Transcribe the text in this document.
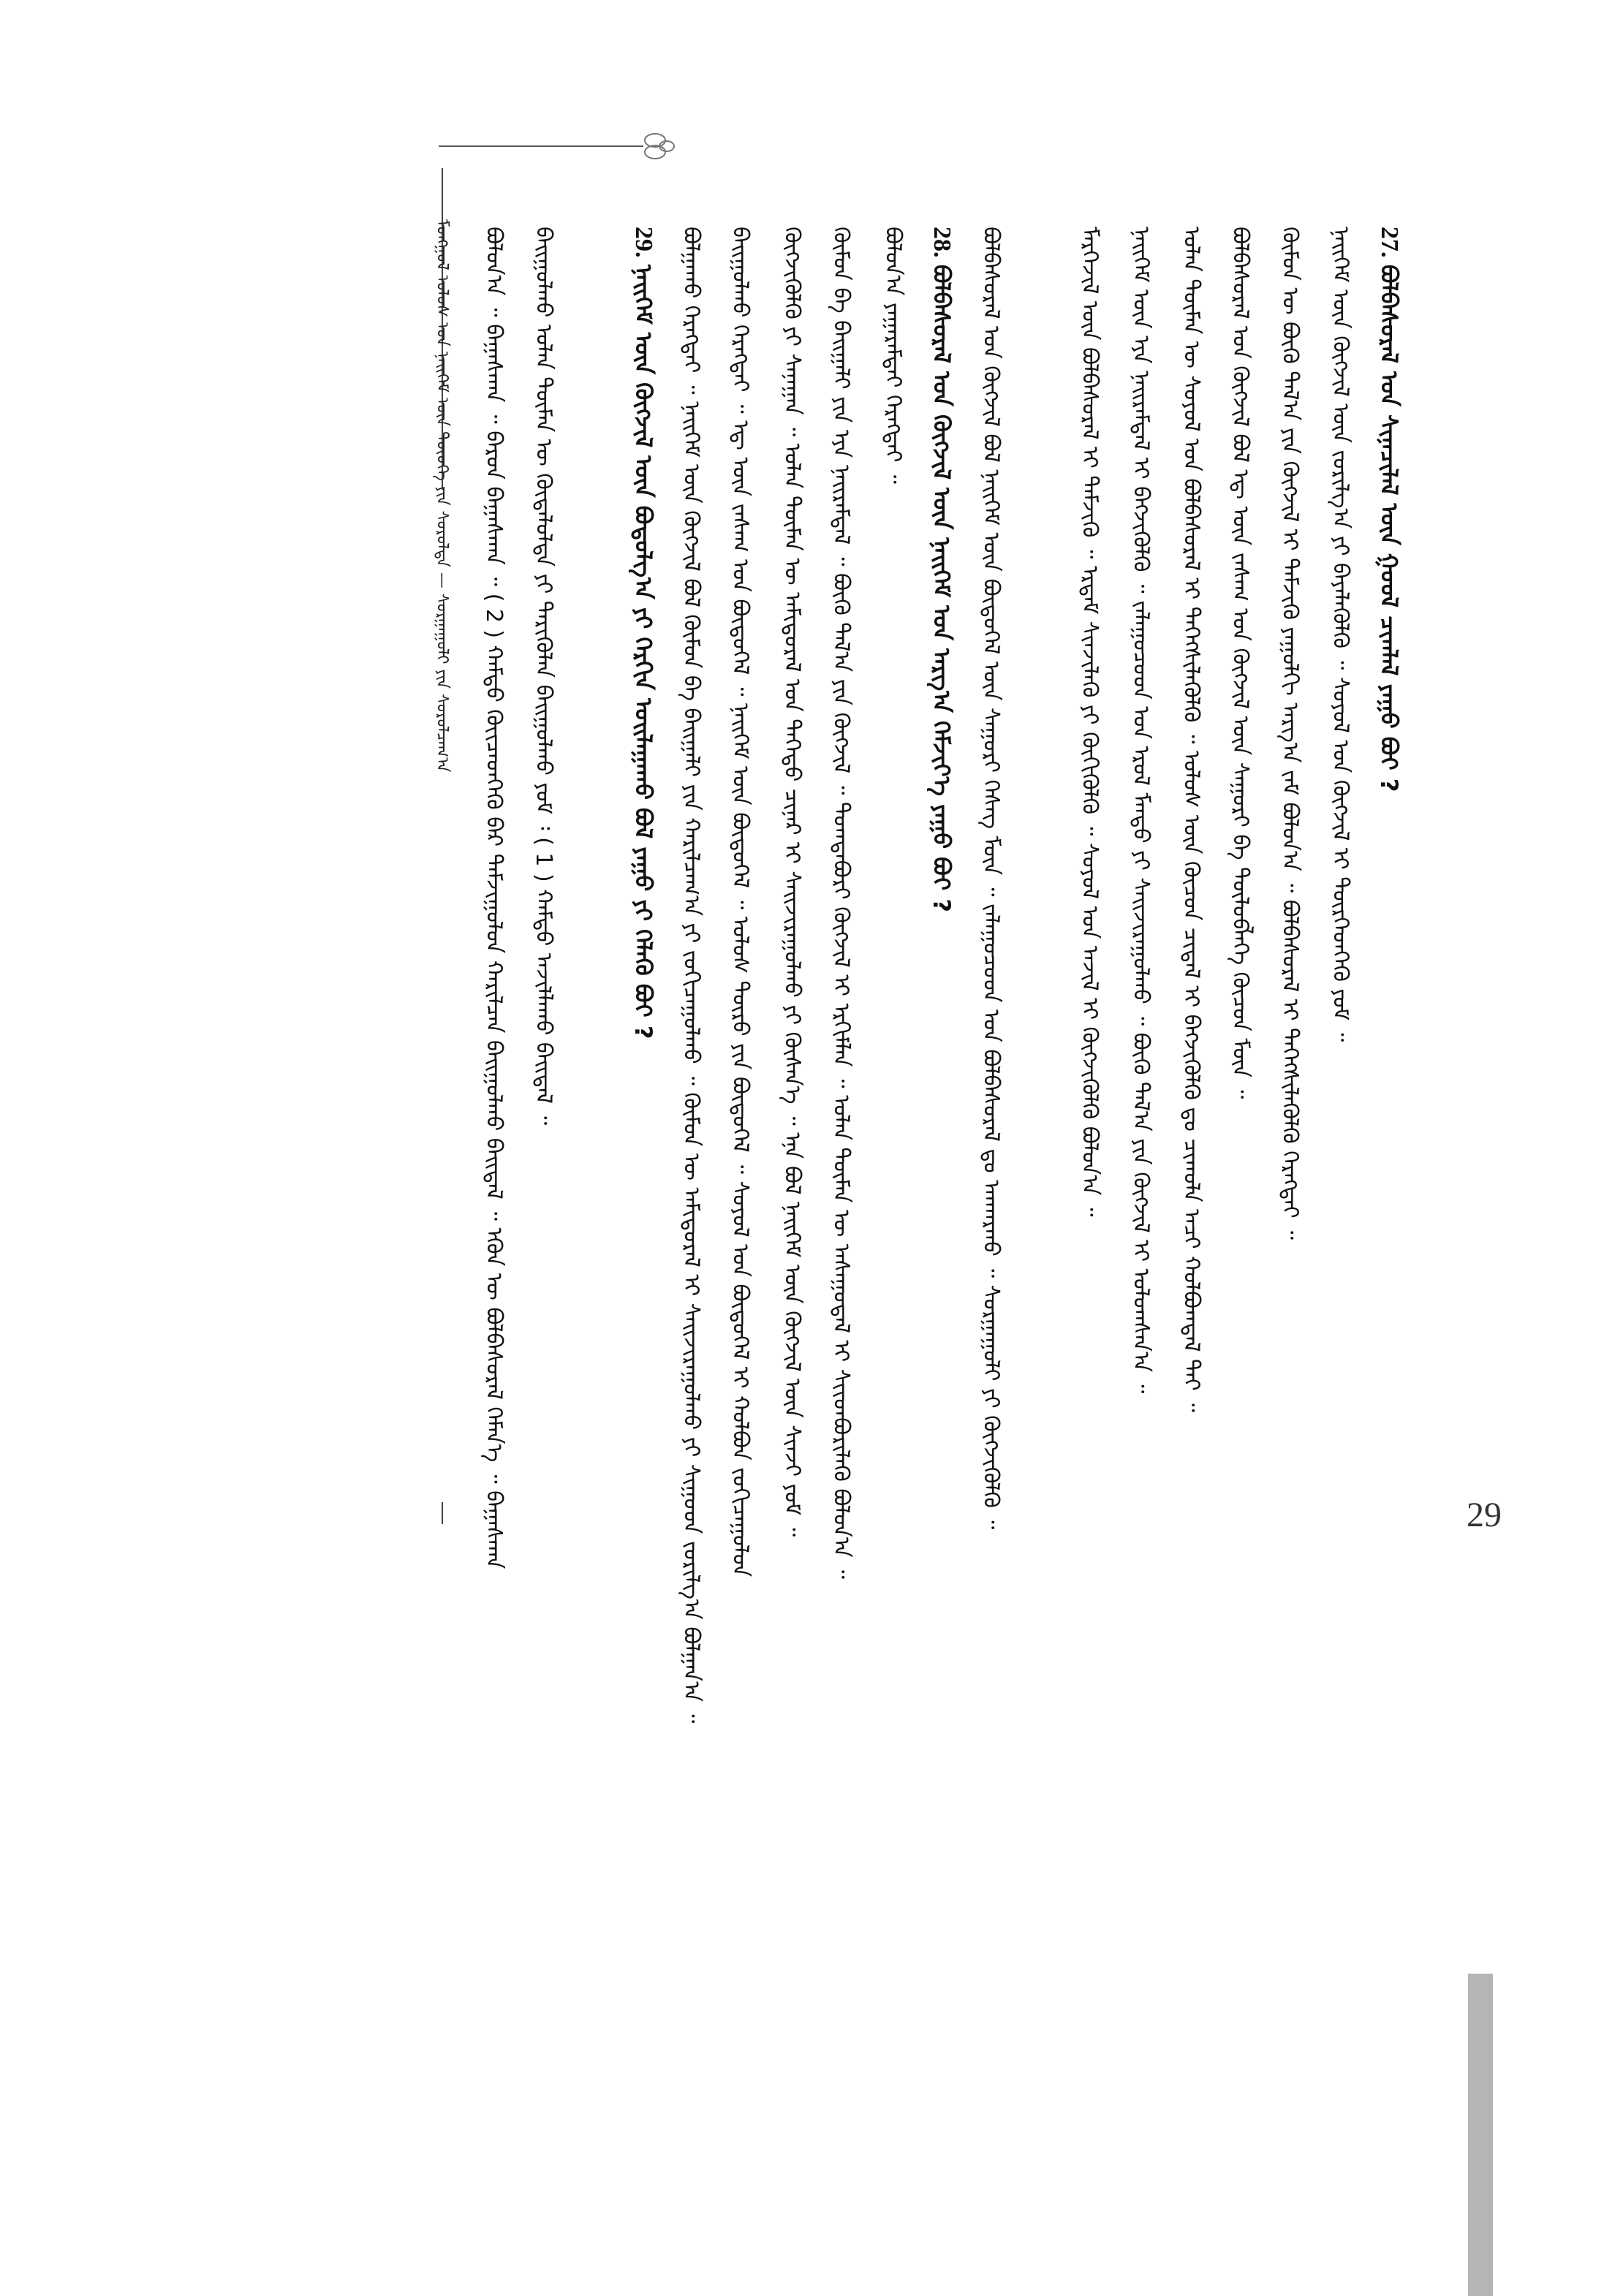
ᠮᠣᠩᠭᠣᠯ ᠤᠯᠤᠰ ᠤᠨ ᠨᠡᠢᠭᠡᠮ ᠦᠨ ᠲᠦᠦᠬᠡ ᠶᠢᠨ ᠰᠤᠷᠤᠯᠲᠠ — ᠰᠤᠷᠭᠠᠭᠤᠯᠢ ᠶᠢᠨ ᠰᠤᠷᠤᠯᠴᠠᠭ᠎ᠠ
29
ᠪᠣᠯᠤᠨ᠎ᠠ ᠃ ᠪᠠᠭᠠᠰᠬᠠᠨ ᠃ ᠪᠠᠷᠤᠨ ᠪᠠᠭᠠᠰᠬᠠᠨ ᠃ ( 2 ) ᠬᠠᠮᠲᠤ ᠭᠦᠢᠴᠡᠳᠬᠡᠬᠦ ᠪᠠᠷ ᠳᠠᠮᠵᠢᠭᠤᠯᠤᠨ ᠬᠠᠷᠢᠯᠴᠠᠨ ᠪᠠᠢᠭᠤᠯᠬᠤ ᠪᠠᠢᠳᠠᠯ ᠃ ᠡᠭᠦᠨ ᠦ ᠪᠣᠯᠪᠠᠰᠤᠷᠠᠯ ᠬᠡᠮᠡᠨ᠎ᠡ ᠃ ᠪᠠᠭᠠᠰᠬᠠᠨ	ᠪᠠᠢᠭᠤᠯᠬᠤ ᠣᠯᠠᠨ ᠲᠦᠮᠡᠨ ᠦ ᠬᠦᠳᠡᠯᠦᠯᠲᠡ ᠶᠢ ᠲᠡᠷᠢᠭᠦᠯᠡᠨ ᠪᠠᠢᠭᠤᠯᠬᠤ ᠶᠤᠮ ᠄ ( 1 ) ᠬᠠᠮᠲᠤ ᠠᠵᠢᠯᠯᠠᠬᠤ ᠪᠠᠢᠳᠠᠯ ᠃	29. ᠨᠡᠢᠭᠡᠮ ᠦᠨ ᠬᠥᠭᠵᠢᠯ ᠦᠨ ᠪᠣᠳᠣᠯᠭ᠎ᠠ ᠶᠢ ᠬᠡᠷᠬᠢᠨ ᠣᠢᠯᠠᠭᠠᠬᠤ ᠪᠣᠯ ᠶᠠᠭᠤ ᠶᠢ ᠬᠡᠯᠡᠬᠦ ᠪᠤᠢ ? ᠪᠣᠯᠭᠠᠬᠤ ᠬᠡᠷᠡᠭᠲᠡᠢ ᠃ ᠨᠡᠢᠭᠡᠮ ᠦᠨ ᠬᠥᠭᠵᠢᠯ ᠪᠣᠯ ᠬᠦᠮᠦᠨ ᠪᠠ ᠪᠠᠢᠭᠠᠯᠢ ᠶᠢᠨ ᠬᠠᠷᠢᠯᠴᠠᠭ᠎ᠠ ᠶᠢ ᠵᠣᠬᠢᠴᠠᠭᠤᠯᠬᠤ ᠃ ᠬᠦᠮᠦᠨ ᠦ ᠠᠮᠢᠳᠤᠷᠠᠯ ᠢ ᠰᠠᠢᠵᠢᠷᠠᠭᠤᠯᠬᠤ ᠶᠢ ᠰᠢᠭᠤᠳ ᠵᠣᠷᠢᠯᠭ᠎ᠠ ᠪᠣᠯᠭᠠᠨ᠎ᠠ ᠃	ᠪᠠᠢᠭᠤᠯᠬᠤ ᠬᠡᠷᠡᠭᠲᠡᠢ ᠃ ᠡᠳ᠋ ᠦᠨ ᠵᠠᠰᠠᠭ ᠤᠨ ᠪᠦᠲᠦᠭᠡᠯ ᠃ ᠨᠡᠢᠭᠡᠮ ᠦᠨ ᠪᠦᠲᠦᠭᠡᠯ ᠃ ᠤᠯᠤᠰ ᠲᠥᠷᠦ ᠶᠢᠨ ᠪᠦᠲᠦᠭᠡᠯ ᠃ ᠰᠣᠶᠣᠯ ᠤᠨ ᠪᠦᠲᠦᠭᠡᠯ ᠢ ᠬᠣᠯᠪᠣᠨ ᠵᠣᠬᠢᠴᠠᠭᠤᠯᠤᠨ	ᠬᠥᠭᠵᠢᠭᠦᠯᠬᠦ ᠶᠢ ᠰᠠᠨᠠᠭᠠᠨ ᠃ ᠣᠯᠠᠨ ᠲᠦᠮᠡᠨ ᠦ ᠠᠮᠢᠳᠤᠷᠠᠯ ᠤᠨ ᠳᠡᠭᠡᠳᠦ ᠴᠢᠨᠠᠷ ᠢ ᠰᠠᠢᠵᠢᠷᠠᠭᠤᠯᠬᠤ ᠶᠢ ᠬᠦᠰᠡᠨ᠎ᠡ ᠃ ᠡᠨᠡ ᠪᠣᠯ ᠨᠡᠢᠭᠡᠮ ᠦᠨ ᠬᠥᠭᠵᠢᠯ ᠦᠨ ᠰᠢᠨᠵᠢ ᠶᠤᠮ ᠃	ᠬᠦᠮᠦᠨ ᠪᠠ ᠪᠠᠢᠭᠠᠯᠢ ᠶᠢᠨ ᠡᠶᠡ ᠨᠠᠢᠷᠠᠮᠳᠠᠯ ᠃ ᠪᠦᠬᠦ ᠲᠠᠯ᠎ᠠ ᠶᠢᠨ ᠬᠥᠭᠵᠢᠯ ᠃ ᠲᠣᠭᠲᠠᠪᠤᠷᠢ ᠬᠥᠭᠵᠢᠯ ᠢ ᠡᠷᠬᠢᠮᠯᠡᠨ ᠃ ᠣᠯᠠᠨ ᠲᠦᠮᠡᠨ ᠦ ᠠᠰᠠᠭᠤᠳᠠᠯ ᠢ ᠰᠢᠢᠳᠪᠦᠷᠢᠯᠡᠬᠦ ᠪᠣᠯᠤᠨ᠎ᠠ ᠃	ᠪᠣᠯᠤᠨ᠎ᠠ ᠶᠠᠭᠠᠷᠠᠮᠲᠠᠢ ᠬᠡᠷᠡᠭᠲᠡᠢ ᠃ 28. ᠪᠣᠯᠪᠠᠰᠤᠷᠠᠯ ᠤᠨ ᠬᠥᠭᠵᠢᠯ ᠦᠨ ᠨᠡᠢᠭᠡᠮ ᠤᠨ ᠠᠷᠭ᠎ᠠ ᠬᠡᠮᠵᠢᠶ᠎ᠡ ᠶᠠᠭᠤ ᠪᠤᠢ ?	ᠪᠣᠯᠪᠠᠰᠤᠷᠠᠯ ᠤᠨ ᠬᠥᠭᠵᠢᠯ ᠪᠣᠯ ᠨᠡᠢᠭᠡᠮ ᠦᠨ ᠪᠦᠲᠦᠭᠡᠯ ᠦᠨ ᠰᠠᠭᠤᠷᠢ ᠬᠡᠰᠡᠭ ᠮᠥᠨ ᠃ ᠵᠠᠯᠠᠭᠤᠴᠤᠳ ᠤᠨ ᠪᠣᠯᠪᠠᠰᠤᠷᠠᠯ ᠳᠤ ᠠᠨᠬᠠᠷᠬᠤ ᠃ ᠰᠤᠷᠭᠠᠭᠤᠯᠢ ᠶᠢ ᠬᠥᠭᠵᠢᠭᠦᠯᠬᠦ ᠃	ᠮᠡᠷᠭᠡᠵᠢᠯ ᠦᠨ ᠪᠣᠯᠪᠠᠰᠤᠷᠠᠯ ᠢ ᠳᠡᠮᠵᠢᠬᠦ ᠃ ᠡᠷᠳᠡᠮ ᠰᠢᠨᠵᠢᠯᠡᠬᠦ ᠶᠢ ᠬᠥᠬᠢᠭᠦᠯᠬᠦ ᠃ ᠰᠣᠶᠣᠯ ᠤᠨ ᠠᠵᠢᠯ ᠢ ᠬᠥᠭᠵᠢᠭᠦᠯᠬᠦ ᠪᠣᠯᠤᠨ᠎ᠠ ᠃	ᠨᠡᠢᠭᠡᠮ ᠦᠨ ᠡᠶᠡ ᠨᠠᠢᠷᠠᠮᠳᠠᠯ ᠢ ᠪᠡᠬᠵᠢᠭᠦᠯᠬᠦ ᠃ ᠵᠠᠯᠠᠭᠤᠴᠤᠳ ᠤᠨ ᠡᠷᠦᠯ ᠮᠡᠨᠳᠦ ᠶᠢ ᠰᠠᠢᠵᠢᠷᠠᠭᠤᠯᠬᠤ ᠃ ᠪᠦᠬᠦ ᠲᠠᠯ᠎ᠠ ᠶᠢᠨ ᠬᠥᠭᠵᠢᠯ ᠢ ᠤᠯᠤᠭᠰᠠᠨ᠎ᠠ ᠃	ᠣᠯᠠᠨ ᠲᠦᠮᠡᠨ ᠦ ᠰᠣᠶᠣᠯ ᠤᠨ ᠪᠣᠯᠪᠠᠰᠤᠷᠠᠯ ᠢ ᠳᠡᠭᠡᠭᠰᠢᠯᠡᠭᠦᠯᠬᠦ ᠃ ᠤᠯᠤᠰ ᠦᠨ ᠬᠦᠴᠦᠨ ᠴᠢᠳᠠᠯ ᠢ ᠪᠡᠬᠵᠢᠭᠦᠯᠬᠦ ᠳᠤ ᠴᠢᠬᠤᠯᠠ ᠠᠴᠢ ᠬᠣᠯᠪᠣᠭᠳᠠᠯ ᠲᠠᠢ ᠃	ᠪᠣᠯᠪᠠᠰᠤᠷᠠᠯ ᠤᠨ ᠬᠥᠭᠵᠢᠯ ᠪᠣᠯ ᠡᠳ᠋ ᠦᠨ ᠵᠠᠰᠠᠭ ᠤᠨ ᠬᠥᠭᠵᠢᠯ ᠦᠨ ᠰᠠᠭᠤᠷᠢ ᠪᠠ ᠲᠥᠯᠦᠪᠯᠡᠭᠡ ᠬᠦᠴᠦᠨ ᠮᠥᠨ ᠃	ᠬᠦᠮᠦᠨ ᠦ ᠪᠦᠬᠦ ᠲᠠᠯ᠎ᠠ ᠶᠢᠨ ᠬᠥᠭᠵᠢᠯ ᠢ ᠳᠡᠮᠵᠢᠬᠦ ᠶᠠᠭᠤᠯᠬᠢ ᠠᠷᠭ᠎ᠠ ᠵᠠᠮ ᠪᠣᠯᠤᠨ᠎ᠠ ᠃ ᠪᠣᠯᠪᠠᠰᠤᠷᠠᠯ ᠢ ᠳᠡᠭᠡᠭᠰᠢᠯᠡᠭᠦᠯᠬᠦ ᠬᠡᠷᠡᠭᠲᠡᠢ ᠃	ᠨᠡᠢᠭᠡᠮ ᠦᠨ ᠬᠥᠭᠵᠢᠯ ᠦᠨ ᠵᠣᠷᠢᠯᠭ᠎ᠠ ᠶᠢ ᠪᠡᠶᠡᠯᠡᠭᠦᠯᠬᠦ ᠃ ᠰᠣᠶᠣᠯ ᠤᠨ ᠬᠥᠭᠵᠢᠯ ᠢ ᠲᠦᠷᠭᠡᠳᠬᠡᠬᠦ ᠶᠤᠮ ᠃ 27. ᠪᠣᠯᠪᠠᠰᠤᠷᠠᠯ ᠤᠨ ᠰᠢᠨᠡᠴᠢᠯᠡᠯ ᠦᠨ ᠭᠣᠣᠯ ᠴᠢᠭᠯᠠᠯ ᠶᠠᠭᠤ ᠪᠤᠢ ?
